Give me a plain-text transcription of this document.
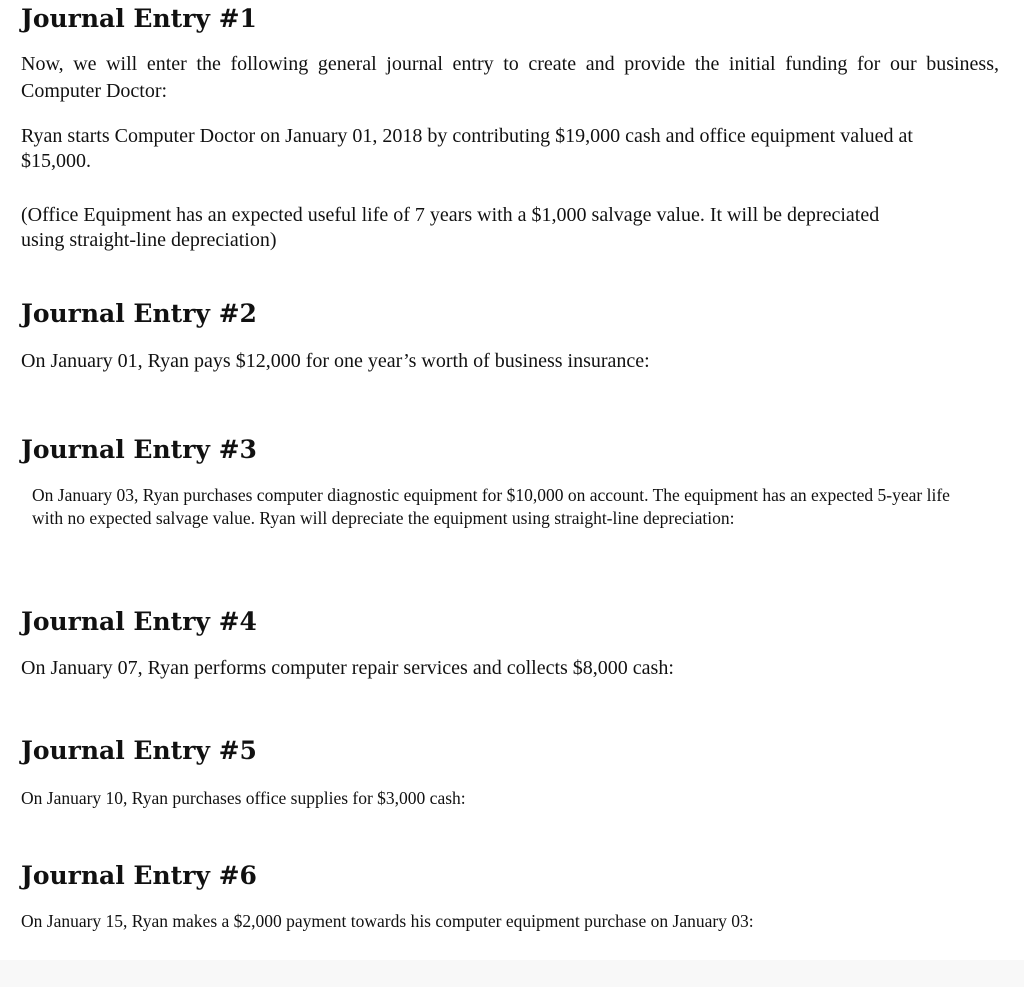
Journal Entry #1

Now, we will enter the following general journal entry to create and provide the initial funding for our business, Computer Doctor:

Ryan starts Computer Doctor on January 01, 2018 by contributing $19,000 cash and office equipment valued at $15,000.

(Office Equipment has an expected useful life of 7 years with a $1,000 salvage value. It will be depreciated using straight-line depreciation)

Journal Entry #2

On January 01, Ryan pays $12,000 for one year’s worth of business insurance:

Journal Entry #3

On January 03, Ryan purchases computer diagnostic equipment for $10,000 on account. The equipment has an expected 5-year life with no expected salvage value. Ryan will depreciate the equipment using straight-line depreciation:

Journal Entry #4

On January 07, Ryan performs computer repair services and collects $8,000 cash:

Journal Entry #5

On January 10, Ryan purchases office supplies for $3,000 cash:

Journal Entry #6

On January 15, Ryan makes a $2,000 payment towards his computer equipment purchase on January 03:
